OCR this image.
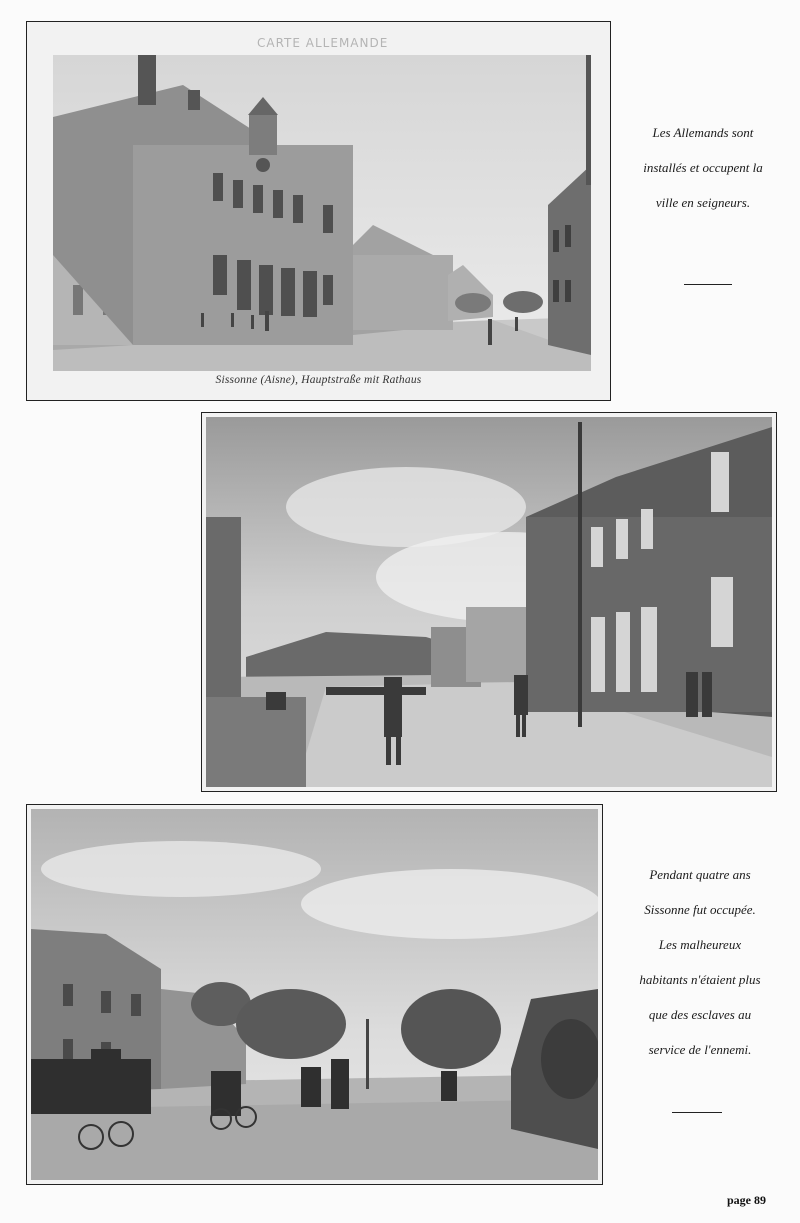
CARTE ALLEMANDE
Sissonne (Aisne), Hauptstraße mit Rathaus
Les Allemands sont
installés et occupent la
ville en seigneurs.
Pendant quatre ans
Sissonne fut occupée.
Les malheureux
habitants n'étaient plus
que des esclaves au
service de l'ennemi.
page 89
